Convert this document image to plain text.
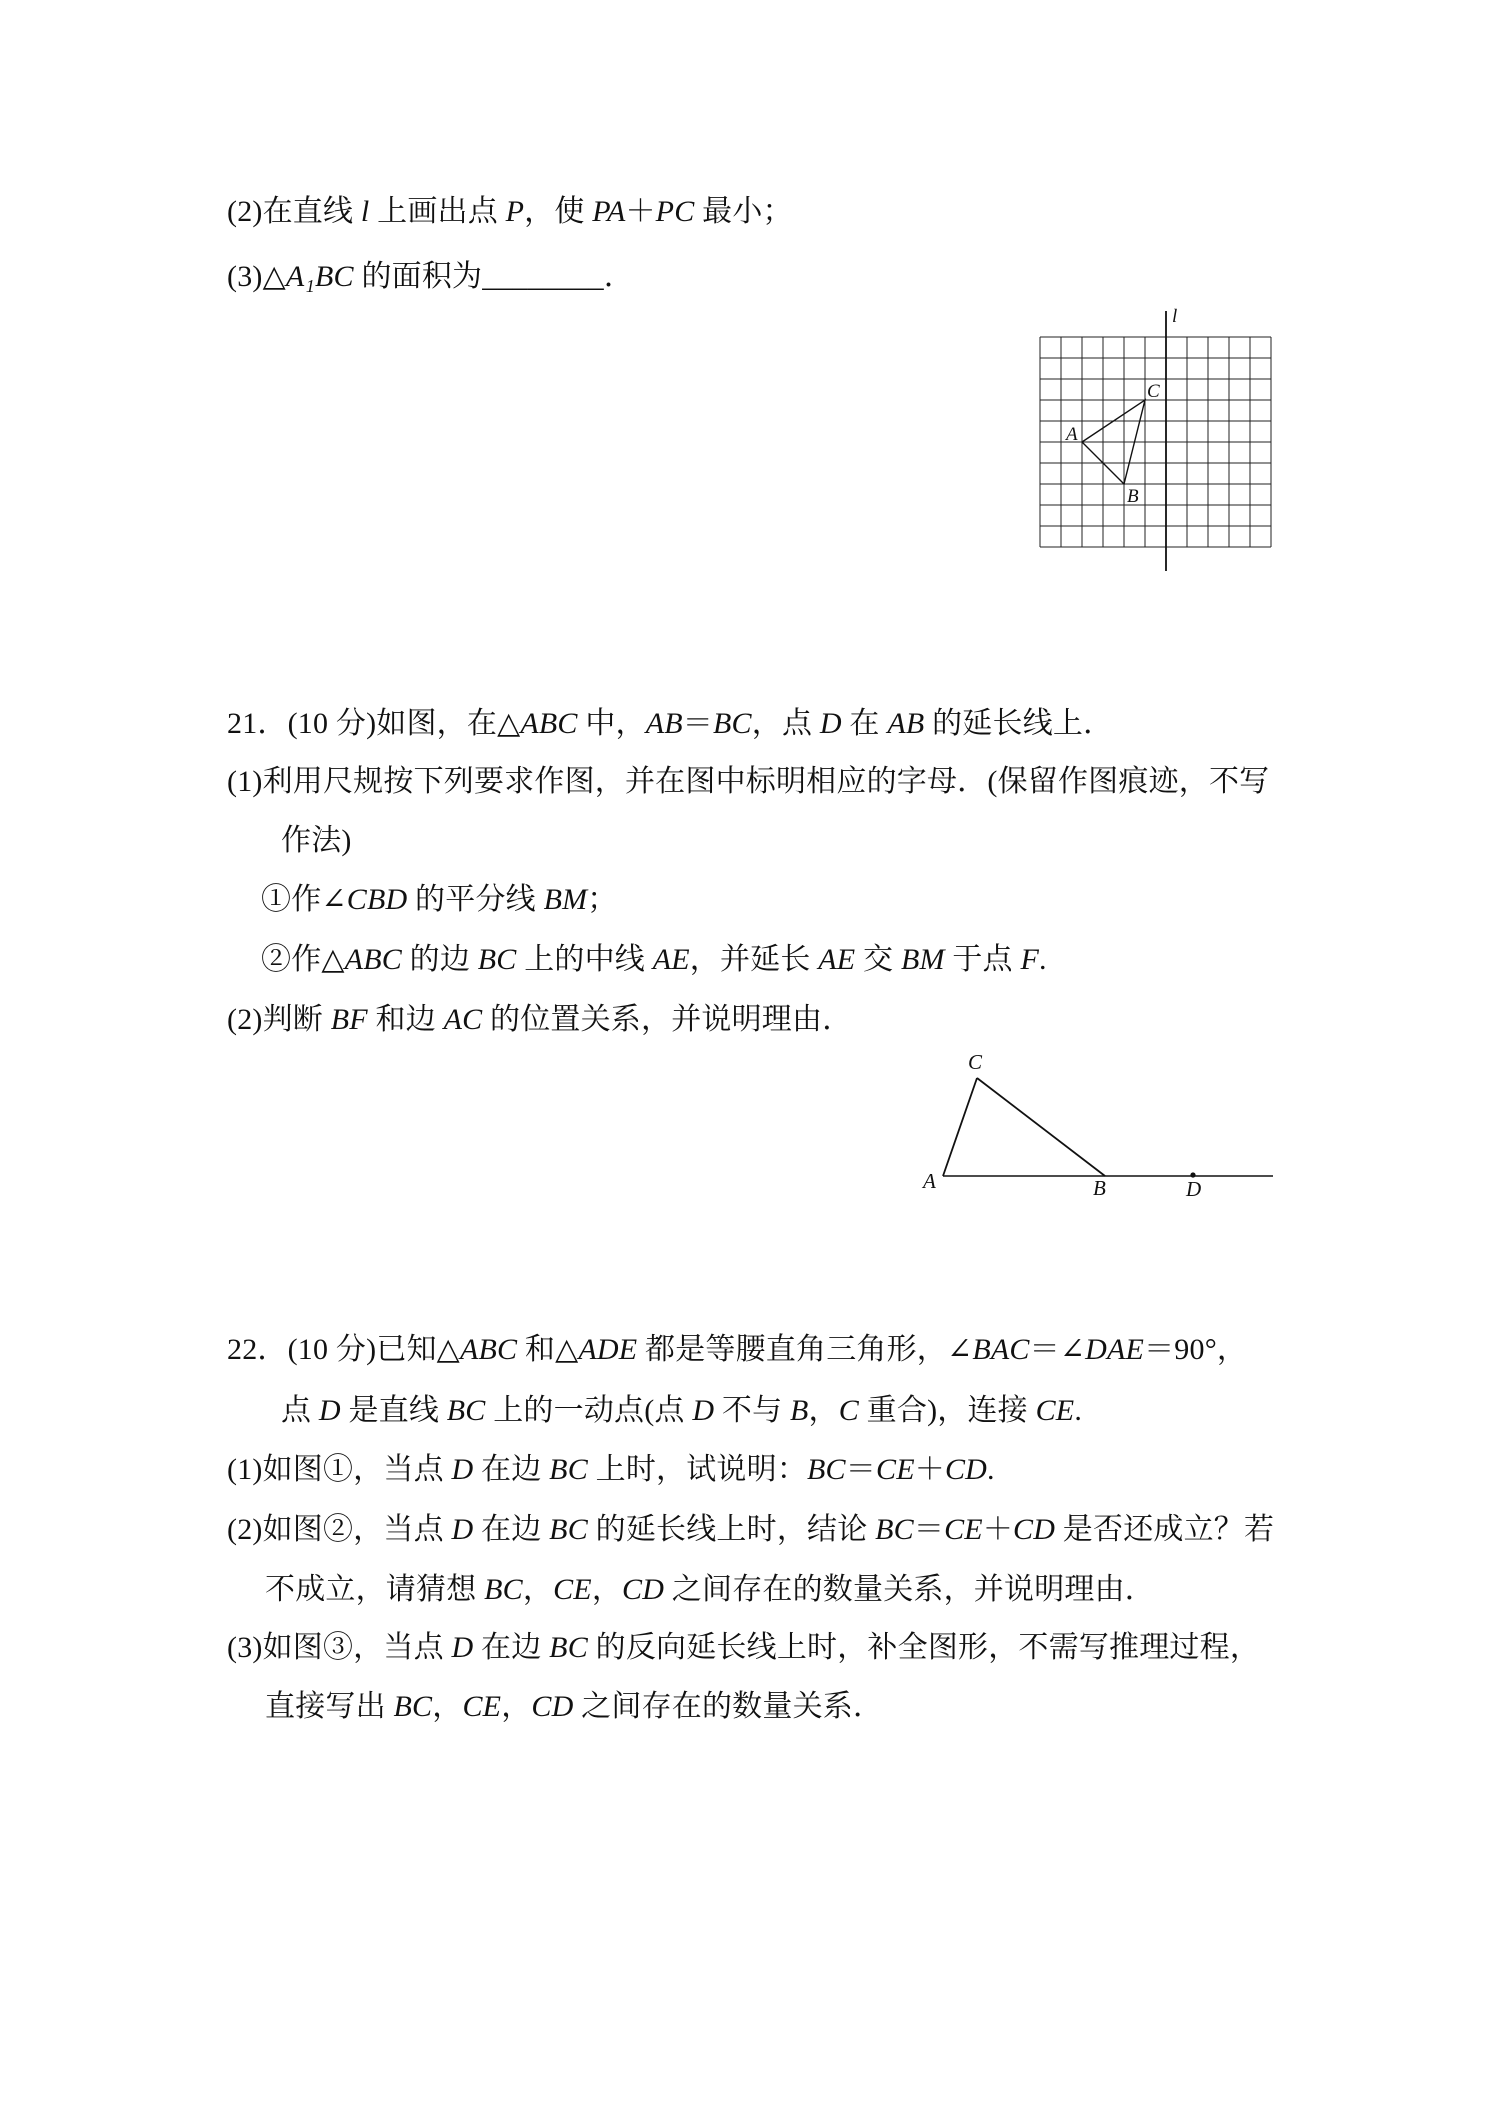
(2)在直线 l 上画出点 P，使 PA＋PC 最小；
(3)△A₁BC 的面积为________．
l
A
B
C
21．(10 分)如图，在△ABC 中，AB＝BC，点 D 在 AB 的延长线上．
(1)利用尺规按下列要求作图，并在图中标明相应的字母．(保留作图痕迹，不写
作法)
①作∠CBD 的平分线 BM；
②作△ABC 的边 BC 上的中线 AE，并延长 AE 交 BM 于点 F.
(2)判断 BF 和边 AC 的位置关系，并说明理由．
C
A	B	D
22．(10 分)已知△ABC 和△ADE 都是等腰直角三角形，∠BAC＝∠DAE＝90°，
点 D 是直线 BC 上的一动点(点 D 不与 B，C 重合)，连接 CE.
(1)如图①，当点 D 在边 BC 上时，试说明：BC＝CE＋CD.
(2)如图②，当点 D 在边 BC 的延长线上时，结论 BC＝CE＋CD 是否还成立？若
不成立，请猜想 BC，CE，CD 之间存在的数量关系，并说明理由．
(3)如图③，当点 D 在边 BC 的反向延长线上时，补全图形，不需写推理过程，
直接写出 BC，CE，CD 之间存在的数量关系．
